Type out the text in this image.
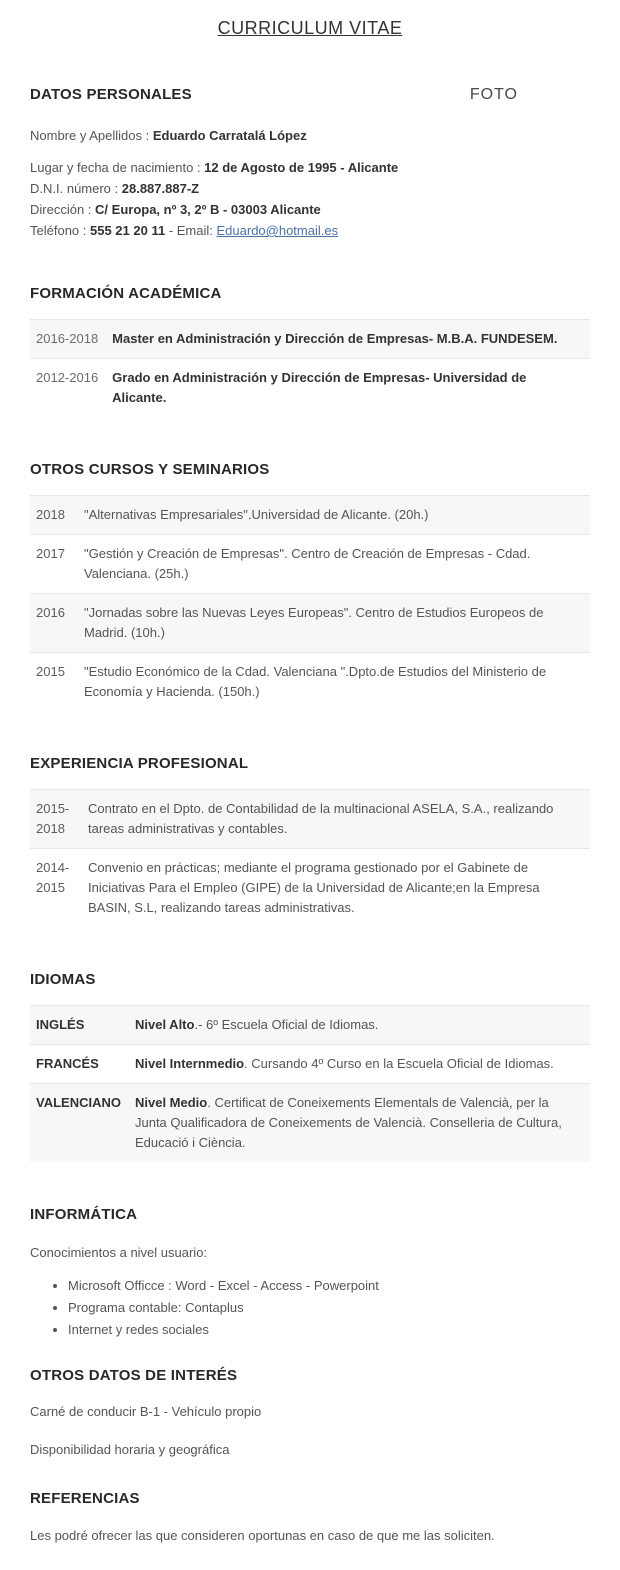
CURRICULUM VITAE
DATOS PERSONALES	FOTO
Nombre y Apellidos : Eduardo Carratalá López
Lugar y fecha de nacimiento : 12 de Agosto de 1995 - Alicante
D.N.I. número : 28.887.887-Z
Dirección : C/ Europa, nº 3, 2º B - 03003 Alicante
Teléfono : 555 21 20 11 - Email: Eduardo@hotmail.es
FORMACIÓN ACADÉMICA
2016-2018	Master en Administración y Dirección de Empresas- M.B.A. FUNDESEM.
2012-2016	Grado en Administración y Dirección de Empresas- Universidad de Alicante.
OTROS CURSOS Y SEMINARIOS
2018	"Alternativas Empresariales".Universidad de Alicante. (20h.)
2017	"Gestión y Creación de Empresas". Centro de Creación de Empresas - Cdad. Valenciana. (25h.)
2016	"Jornadas sobre las Nuevas Leyes Europeas". Centro de Estudios Europeos de Madrid. (10h.)
2015	"Estudio Económico de la Cdad. Valenciana ".Dpto.de Estudios del Ministerio de Economía y Hacienda. (150h.)
EXPERIENCIA PROFESIONAL
2015- 2018	Contrato en el Dpto. de Contabilidad de la multinacional ASELA, S.A., realizando tareas administrativas y contables.
2014- 2015	Convenio en prácticas; mediante el programa gestionado por el Gabinete de Iniciativas Para el Empleo (GIPE) de la Universidad de Alicante;en la Empresa BASIN, S.L, realizando tareas administrativas.
IDIOMAS
INGLÉS	Nivel Alto.- 6º Escuela Oficial de Idiomas.
FRANCÉS	Nivel Internmedio. Cursando 4º Curso en la Escuela Oficial de Idiomas.
VALENCIANO	Nivel Medio. Certificat de Coneixements Elementals de Valencià, per la Junta Qualificadora de Coneixements de Valencià. Conselleria de Cultura, Educació i Ciència.
INFORMÁTICA
Conocimientos a nivel usuario:
• Microsoft Officce : Word - Excel - Access - Powerpoint
• Programa contable: Contaplus
• Internet y redes sociales
OTROS DATOS DE INTERÉS
Carné de conducir B-1 - Vehículo propio
Disponibilidad horaria y geográfica
REFERENCIAS
Les podré ofrecer las que consideren oportunas en caso de que me las soliciten.
